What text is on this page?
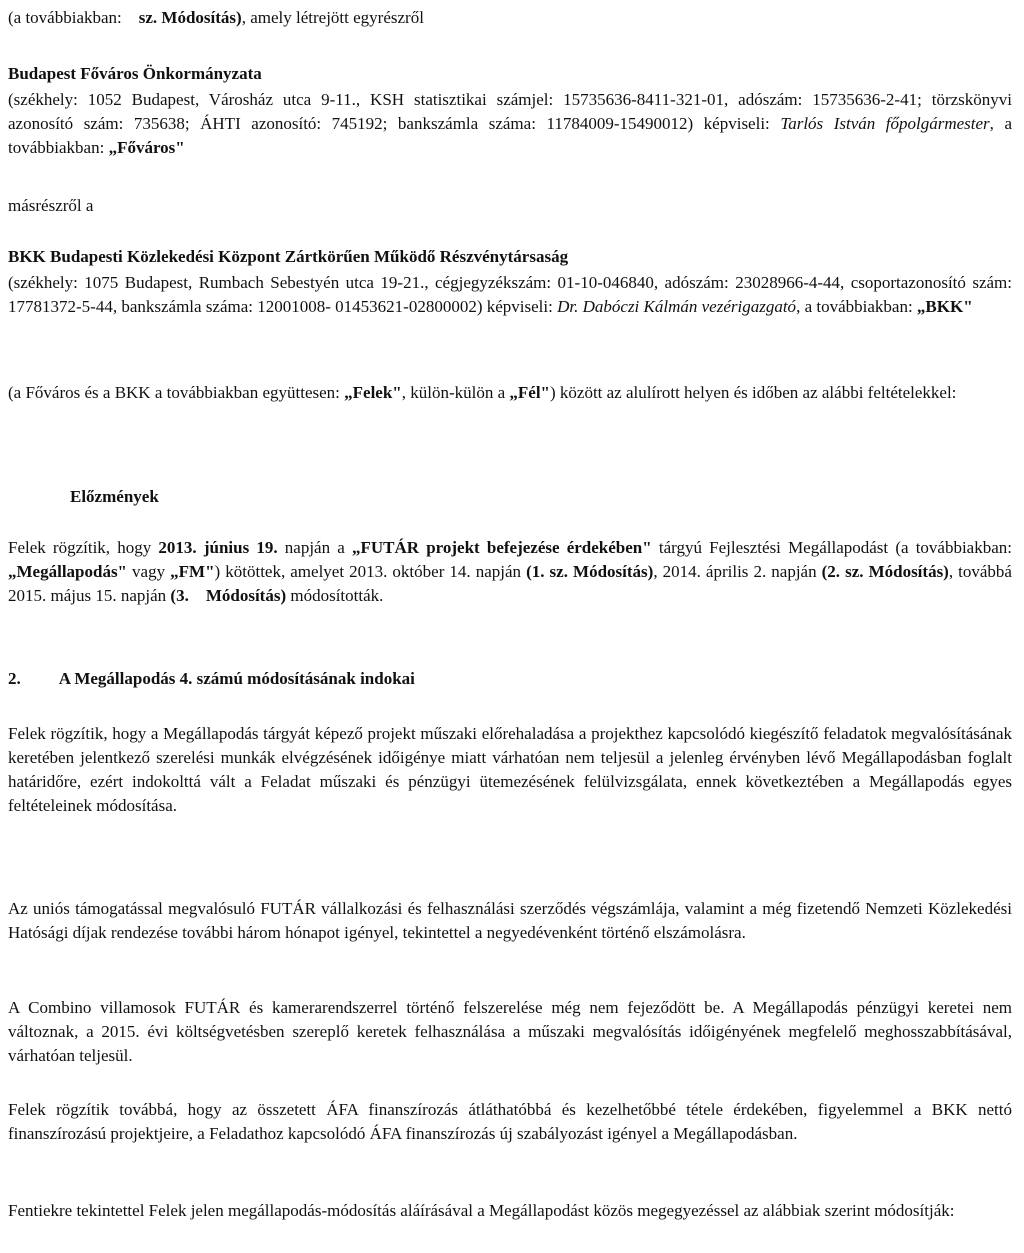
(a továbbiakban:    sz. Módosítás), amely létrejött egyrészről

Budapest Főváros Önkormányzata

(székhely: 1052 Budapest, Városház utca 9-11., KSH statisztikai számjel: 15735636-8411-321-01, adószám: 15735636-2-41; törzskönyvi azonosító szám: 735638; ÁHTI azonosító: 745192; bankszámla száma: 11784009-15490012) képviseli: Tarlós István főpolgármester, a továbbiakban: „Főváros"

másrészről a

BKK Budapesti Közlekedési Központ Zártkörűen Működő Részvénytársaság

(székhely: 1075 Budapest, Rumbach Sebestyén utca 19-21., cégjegyzékszám: 01-10-046840, adószám: 23028966-4-44, csoportazonosító szám: 17781372-5-44, bankszámla száma: 12001008- 01453621-02800002) képviseli: Dr. Dabóczi Kálmán vezérigazgató, a továbbiakban: „BKK"

(a Főváros és a BKK a továbbiakban együttesen: „Felek", külön-külön a „Fél") között az alulírott helyen és időben az alábbi feltételekkel:

Előzmények

Felek rögzítik, hogy 2013. június 19. napján a „FUTÁR projekt befejezése érdekében" tárgyú Fejlesztési Megállapodást (a továbbiakban: „Megállapodás" vagy „FM") kötöttek, amelyet 2013. október 14. napján (1. sz. Módosítás), 2014. április 2. napján (2. sz. Módosítás), továbbá 2015. május 15. napján (3.    Módosítás) módosították.

2. A Megállapodás 4. számú módosításának indokai

Felek rögzítik, hogy a Megállapodás tárgyát képező projekt műszaki előrehaladása a projekthez kapcsolódó kiegészítő feladatok megvalósításának keretében jelentkező szerelési munkák elvégzésének időigénye miatt várhatóan nem teljesül a jelenleg érvényben lévő Megállapodásban foglalt határidőre, ezért indokolttá vált a Feladat műszaki és pénzügyi ütemezésének felülvizsgálata, ennek következtében a Megállapodás egyes feltételeinek módosítása.

Az uniós támogatással megvalósuló FUTÁR vállalkozási és felhasználási szerződés végszámlája, valamint a még fizetendő Nemzeti Közlekedési Hatósági díjak rendezése további három hónapot igényel, tekintettel a negyedévenként történő elszámolásra.

A Combino villamosok FUTÁR és kamerarendszerrel történő felszerelése még nem fejeződött be. A Megállapodás pénzügyi keretei nem változnak, a 2015. évi költségvetésben szereplő keretek felhasználása a műszaki megvalósítás időigényének megfelelő meghosszabbításával, várhatóan teljesül.

Felek rögzítik továbbá, hogy az összetett ÁFA finanszírozás átláthatóbbá és kezelhetőbbé tétele érdekében, figyelemmel a BKK nettó finanszírozású projektjeire, a Feladathoz kapcsolódó ÁFA finanszírozás új szabályozást igényel a Megállapodásban.

Fentiekre tekintettel Felek jelen megállapodás-módosítás aláírásával a Megállapodást közös megegyezéssel az alábbiak szerint módosítják:
